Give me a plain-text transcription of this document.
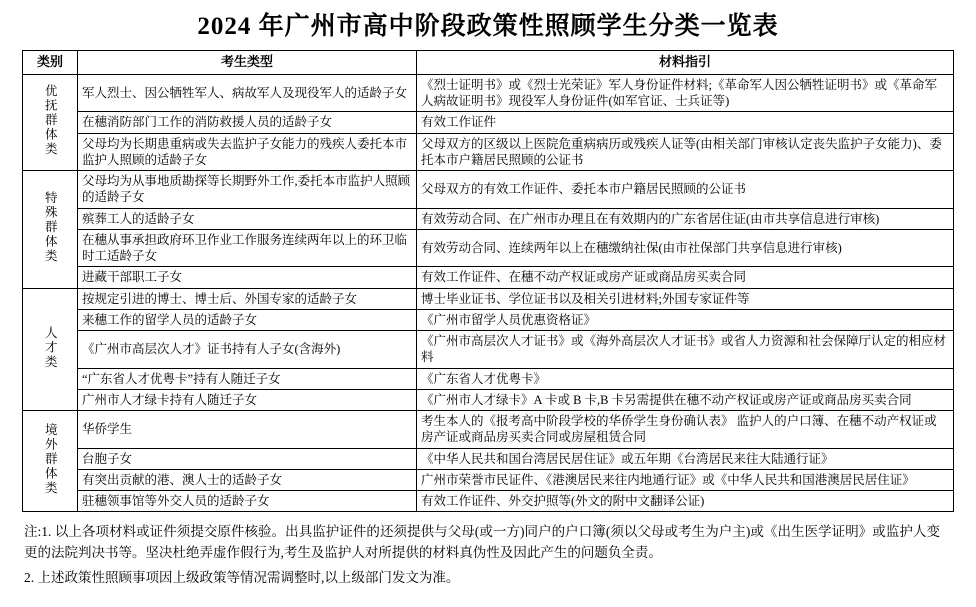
2024 年广州市高中阶段政策性照顾学生分类一览表
类别	考生类型	材料指引
优抚群体类	军人烈士、因公牺牲军人、病故军人及现役军人的适龄子女	《烈士证明书》或《烈士光荣证》军人身份证件材料;《革命军人因公牺牲证明书》或《革命军人病故证明书》现役军人身份证件(如军官证、士兵证等)
	在穗消防部门工作的消防救援人员的适龄子女	有效工作证件
	父母均为长期患重病或失去监护子女能力的残疾人委托本市监护人照顾的适龄子女	父母双方的区级以上医院危重病病历或残疾人证等(由相关部门审核认定丧失监护子女能力)、委托本市户籍居民照顾的公证书
特殊群体类	父母均为从事地质勘探等长期野外工作,委托本市监护人照顾的适龄子女	父母双方的有效工作证件、委托本市户籍居民照顾的公证书
	殡葬工人的适龄子女	有效劳动合同、在广州市办理且在有效期内的广东省居住证(由市共享信息进行审核)
	在穗从事承担政府环卫作业工作服务连续两年以上的环卫临时工适龄子女	有效劳动合同、连续两年以上在穗缴纳社保(由市社保部门共享信息进行审核)
	进藏干部职工子女	有效工作证件、在穗不动产权证或房产证或商品房买卖合同
人才类	按规定引进的博士、博士后、外国专家的适龄子女	博士毕业证书、学位证书以及相关引进材料;外国专家证件等
	来穗工作的留学人员的适龄子女	《广州市留学人员优惠资格证》
	《广州市高层次人才》证书持有人子女(含海外)	《广州市高层次人才证书》或《海外高层次人才证书》或省人力资源和社会保障厅认定的相应材料
	“广东省人才优粤卡”持有人随迁子女	《广东省人才优粤卡》
	广州市人才绿卡持有人随迁子女	《广州市人才绿卡》A 卡或 B 卡,B 卡另需提供在穗不动产权证或房产证或商品房买卖合同
境外群体类	华侨学生	考生本人的《报考高中阶段学校的华侨学生身份确认表》 监护人的户口簿、在穗不动产权证或房产证或商品房买卖合同或房屋租赁合同
	台胞子女	《中华人民共和国台湾居民居住证》或五年期《台湾居民来往大陆通行证》
	有突出贡献的港、澳人士的适龄子女	广州市荣誉市民证件、《港澳居民来往内地通行证》或《中华人民共和国港澳居民居住证》
	驻穗领事馆等外交人员的适龄子女	有效工作证件、外交护照等(外文的附中文翻译公证)

注:1. 以上各项材料或证件须提交原件核验。出具监护证件的还须提供与父母(或一方)同户的户口簿(须以父母或考生为户主)或《出生医学证明》或监护人变更的法院判决书等。坚决杜绝弄虚作假行为,考生及监护人对所提供的材料真伪性及因此产生的问题负全责。

2. 上述政策性照顾事项因上级政策等情况需调整时,以上级部门发文为准。
